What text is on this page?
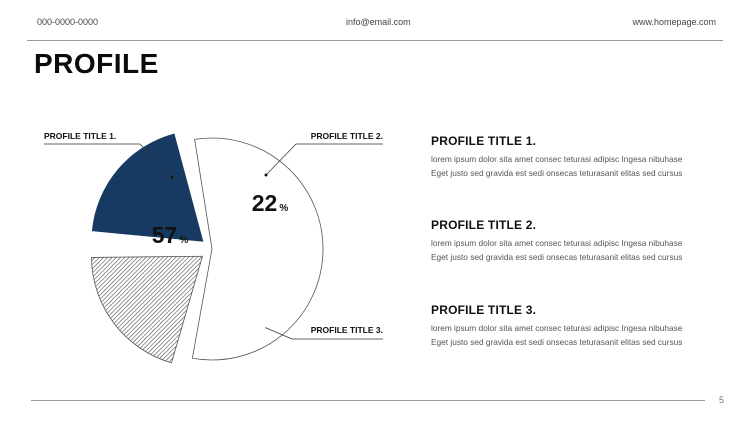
000-0000-0000	info@email.com	www.homepage.com
PROFILE
57 %
22 %
21 %
PROFILE TITLE 1.	PROFILE TITLE 2.
PROFILE TITLE 3.
PROFILE TITLE 1.
lorem ipsum dolor sita amet consec teturasi adipisc Ingesa nibuhase
Eget justo sed gravida est sedi onsecas teturasanit elitas sed cursus
PROFILE TITLE 2.
lorem ipsum dolor sita amet consec teturasi adipisc Ingesa nibuhase
Eget justo sed gravida est sedi onsecas teturasanit elitas sed cursus
PROFILE TITLE 3.
lorem ipsum dolor sita amet consec teturasi adipisc Ingesa nibuhase
Eget justo sed gravida est sedi onsecas teturasanit elitas sed cursus
5
